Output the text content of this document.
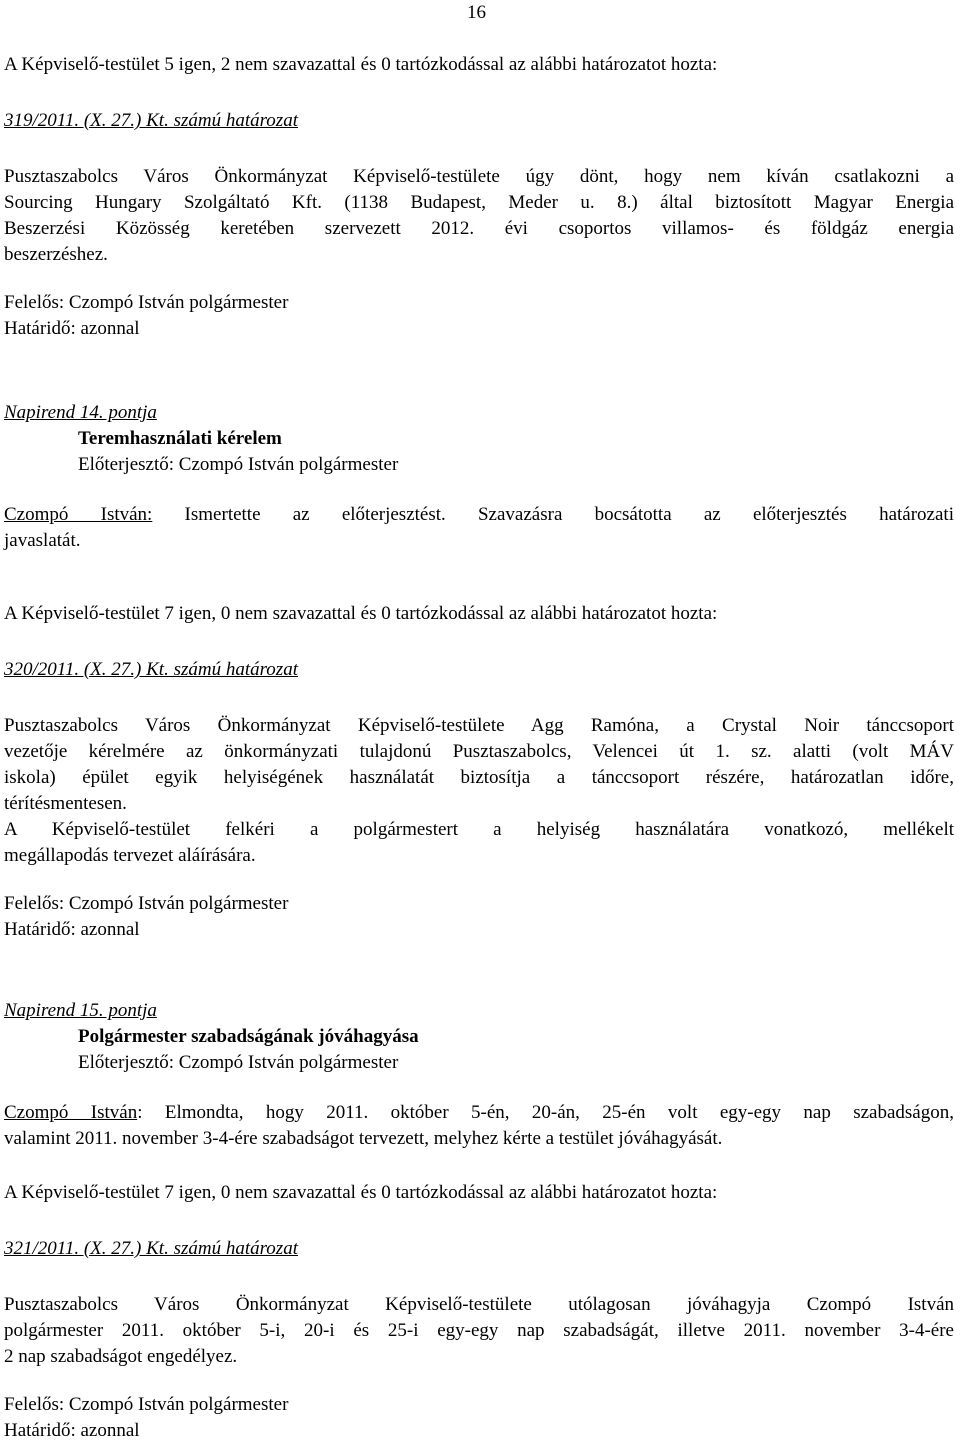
16

A Képviselő-testület 5 igen, 2 nem szavazattal és 0 tartózkodással az alábbi határozatot hozta:

319/2011. (X. 27.) Kt. számú határozat

Pusztaszabolcs Város Önkormányzat Képviselő-testülete úgy dönt, hogy nem kíván csatlakozni a

Sourcing Hungary Szolgáltató Kft. (1138 Budapest, Meder u. 8.) által biztosított Magyar Energia

Beszerzési Közösség keretében szervezett 2012. évi csoportos villamos- és földgáz energia

beszerzéshez.

Felelős: Czompó István polgármester

Határidő: azonnal

Napirend 14. pontja

Teremhasználati kérelem

Előterjesztő: Czompó István polgármester

Czompó István: Ismertette az előterjesztést. Szavazásra bocsátotta az előterjesztés határozati

javaslatát.

A Képviselő-testület 7 igen, 0 nem szavazattal és 0 tartózkodással az alábbi határozatot hozta:

320/2011. (X. 27.) Kt. számú határozat

Pusztaszabolcs Város Önkormányzat Képviselő-testülete Agg Ramóna, a Crystal Noir tánccsoport

vezetője kérelmére az önkormányzati tulajdonú Pusztaszabolcs, Velencei út 1. sz. alatti (volt MÁV

iskola) épület egyik helyiségének használatát biztosítja a tánccsoport részére, határozatlan időre,

térítésmentesen.

A Képviselő-testület felkéri a polgármestert a helyiség használatára vonatkozó, mellékelt

megállapodás tervezet aláírására.

Felelős: Czompó István polgármester

Határidő: azonnal

Napirend 15. pontja

Polgármester szabadságának jóváhagyása

Előterjesztő: Czompó István polgármester

Czompó István: Elmondta, hogy 2011. október 5-én, 20-án, 25-én volt egy-egy nap szabadságon,

valamint 2011. november 3-4-ére szabadságot tervezett, melyhez kérte a testület jóváhagyását.

A Képviselő-testület 7 igen, 0 nem szavazattal és 0 tartózkodással az alábbi határozatot hozta:

321/2011. (X. 27.) Kt. számú határozat

Pusztaszabolcs Város Önkormányzat Képviselő-testülete utólagosan jóváhagyja Czompó István

polgármester 2011. október 5-i, 20-i és 25-i egy-egy nap szabadságát, illetve 2011. november 3-4-ére

2 nap szabadságot engedélyez.

Felelős: Czompó István polgármester

Határidő: azonnal
